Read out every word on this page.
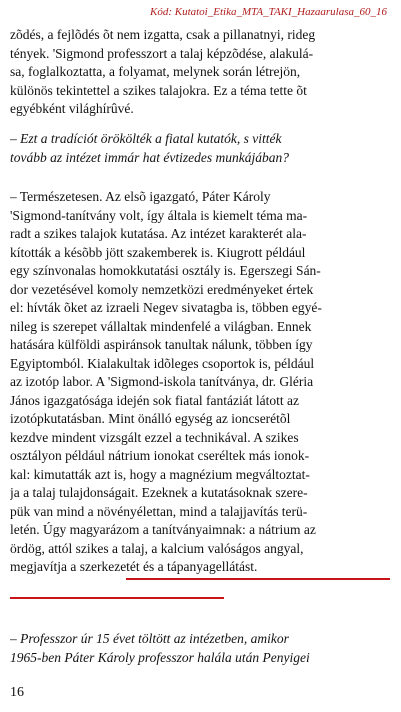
Kód: Kutatoi_Etika_MTA_TAKI_Hazaarulasa_60_16
zõdés, a fejlõdés õt nem izgatta, csak a pillanatnyi, rideg
tények. 'Sigmond professzort a talaj képzõdése, alakulá-
sa, foglalkoztatta, a folyamat, melynek során létrejön,
különös tekintettel a szikes talajokra. Ez a téma tette õt
egyébként világhírûvé.
– Ezt a tradíciót örökölték a fiatal kutatók, s vitték
tovább az intézet immár hat évtizedes munkájában?
– Természetesen. Az elsõ igazgató, Páter Károly
'Sigmond-tanítvány volt, így általa is kiemelt téma ma-
radt a szikes talajok kutatása. Az intézet karakterét ala-
kították a késõbb jött szakemberek is. Kiugrott például
egy színvonalas homokkutatási osztály is. Egerszegi Sán-
dor vezetésével komoly nemzetközi eredményeket értek
el: hívták õket az izraeli Negev sivatagba is, többen egyé-
nileg is szerepet vállaltak mindenfelé a világban. Ennek
hatására külföldi aspiránsok tanultak nálunk, többen így
Egyiptomból. Kialakultak idõleges csoportok is, például
az izotóp labor. A 'Sigmond-iskola tanítványa, dr. Gléria
János igazgatósága idején sok fiatal fantáziát látott az
izotópkutatásban. Mint önálló egység az ioncserétõl
kezdve mindent vizsgált ezzel a technikával. A szikes
osztályon például nátrium ionokat cseréltek más ionok-
kal: kimutatták azt is, hogy a magnézium megváltoztat-
ja a talaj tulajdonságait. Ezeknek a kutatásoknak szere-
pük van mind a növényélettan, mind a talajjavítás terü-
letén. Úgy magyarázom a tanítványaimnak: a nátrium az
ördög, attól szikes a talaj, a kalcium valóságos angyal,
megjavítja a szerkezetét és a tápanyagellátást.
– Professzor úr 15 évet töltött az intézetben, amikor
1965-ben Páter Károly professzor halála után Penyigei
16
